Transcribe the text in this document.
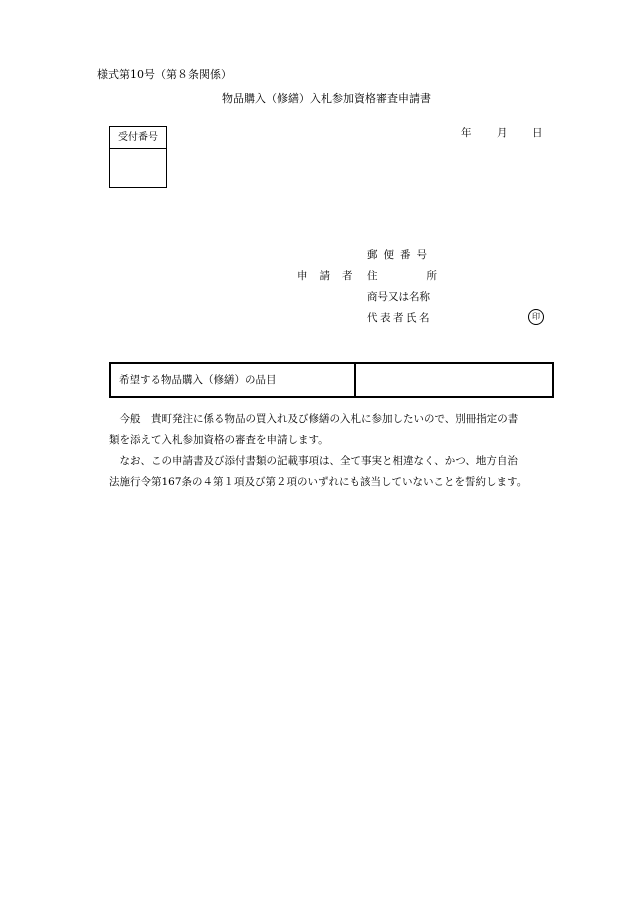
様式第10号（第８条関係）
物品購入（修繕）入札参加資格審査申請書
受付番号	年 月 日
郵便番号
申請者 住	所
商号又は名称
代表者氏名	印
希望する物品購入（修繕）の品目
　今般　貴町発注に係る物品の買入れ及び修繕の入札に参加したいので、別冊指定の書
類を添えて入札参加資格の審査を申請します。
　なお、この申請書及び添付書類の記載事項は、全て事実と相違なく、かつ、地方自治
法施行令第167条の４第１項及び第２項のいずれにも該当していないことを誓約します。
